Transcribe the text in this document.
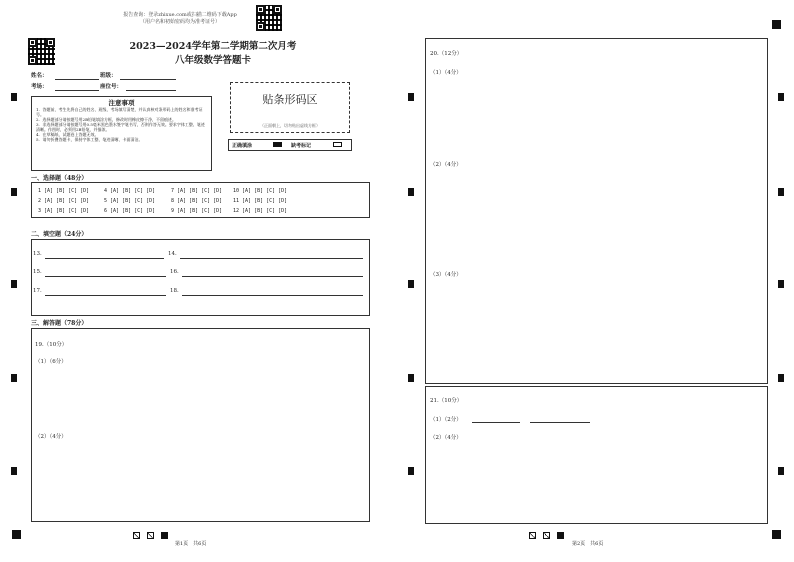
报告查询：登录zhixue.com或扫描二维码下载App
（用户名和初始密码均为准考证号）
2023—2024学年第二学期第二次月考
八年级数学答题卡
姓名：	班级：
考场：	座位号：
注意事项
1．答题前，考生先将自己的姓名、班级、考场填写清楚，并认真核对条形码上的姓名和准考证号。
2．选择题部分请按题号用2B铅笔填涂方框，修改时用橡皮擦干净，不留痕迹。
3．非选择题部分请按题号用0.5毫米黑色墨水签字笔书写，否则作答无效。要求字体工整、笔迹清晰。作图时，必须用2B铅笔，并描浓。
4．在草稿纸、试题卷上答题无效。
5．请勿折叠答题卡，保持字体工整、笔迹清晰、卡面清洁。
贴条形码区
（正面朝上，切勿贴出虚线方框）
正确填涂	缺考标记
一、选择题（48分）
1 [A] [B] [C] [D]	4 [A] [B] [C] [D]	7 [A] [B] [C] [D] 10 [A] [B] [C] [D]
2 [A] [B] [C] [D]	5 [A] [B] [C] [D]	8 [A] [B] [C] [D] 11 [A] [B] [C] [D]
3 [A] [B] [C] [D]	6 [A] [B] [C] [D]	9 [A] [B] [C] [D] 12 [A] [B] [C] [D]
二、填空题（24分）
13.	14.
15.	16.
17.	18.
三、解答题（78分）
19.（10分）
（1）（6分）
（2）（4分）
第1页　共6页
20.（12分）
（1）（4分）
（2）（4分）
（3）（4分）
21.（10分）
（1）（2分）
（2）（4分）
第2页　共6页
